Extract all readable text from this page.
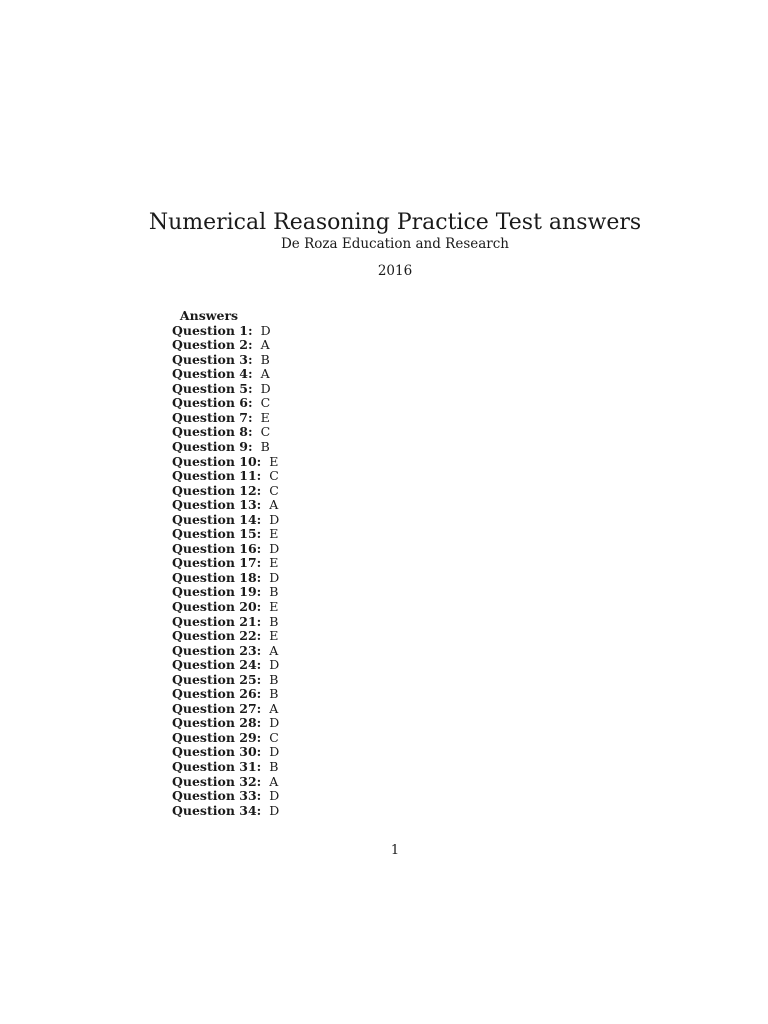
Numerical Reasoning Practice Test answers
De Roza Education and Research
2016
Answers
Question 1: D
Question 2: A
Question 3: B
Question 4: A
Question 5: D
Question 6: C
Question 7: E
Question 8: C
Question 9: B
Question 10: E
Question 11: C
Question 12: C
Question 13: A
Question 14: D
Question 15: E
Question 16: D
Question 17: E
Question 18: D
Question 19: B
Question 20: E
Question 21: B
Question 22: E
Question 23: A
Question 24: D
Question 25: B
Question 26: B
Question 27: A
Question 28: D
Question 29: C
Question 30: D
Question 31: B
Question 32: A
Question 33: D
Question 34: D
1
